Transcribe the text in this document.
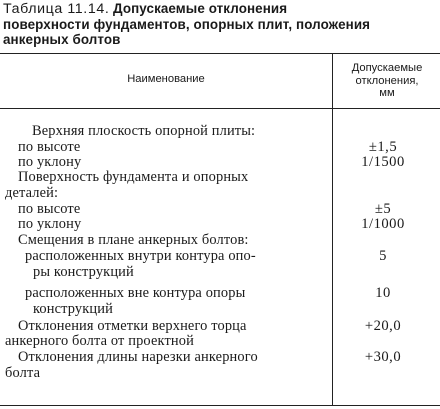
Таблица 11.14. Допускаемые отклонения
поверхности фундаментов, опорных плит, положения
анкерных болтов
Наименование
Допускаемые
отклонения,
мм
Верхняя плоскость опорной плиты:
по высоте	±1,5
по уклону	1/1500
Поверхность фундамента и опорных
деталей:
по высоте	±5
по уклону	1/1000
Смещения в плане анкерных болтов:
расположенных внутри контура опо-	5
ры конструкций
расположенных вне контура опоры	10
конструкций
Отклонения отметки верхнего торца	+20,0
анкерного болта от проектной
Отклонения длины нарезки анкерного	+30,0
болта
